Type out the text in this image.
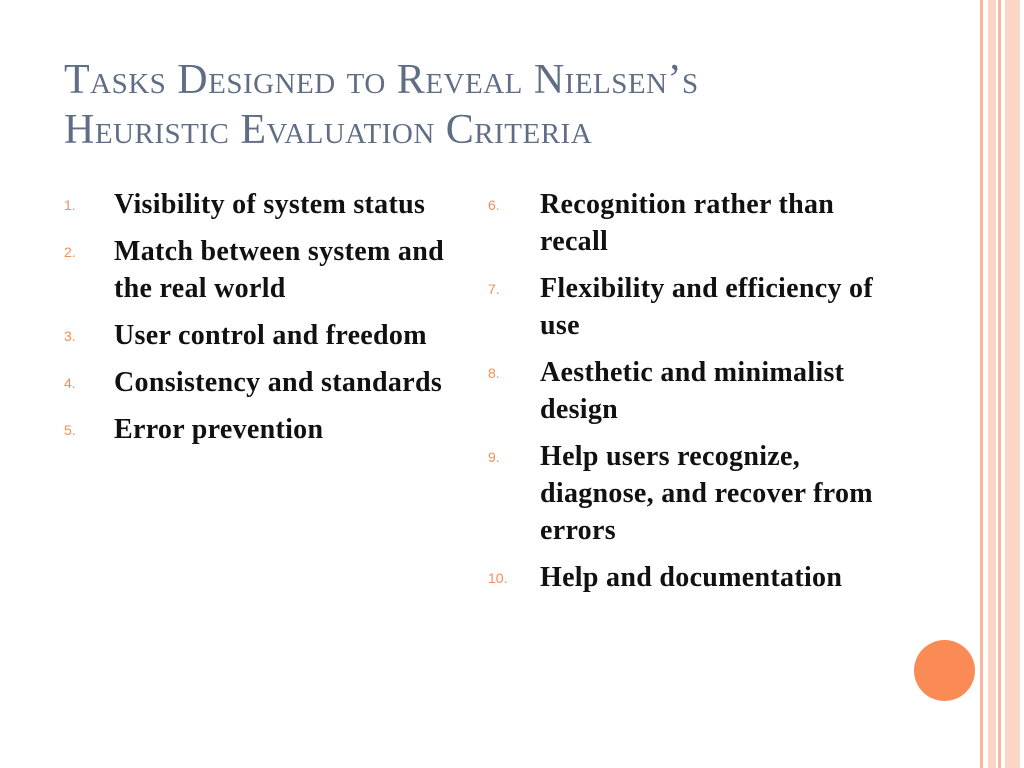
Tasks Designed to Reveal Nielsen’s
Heuristic Evaluation Criteria
1. Visibility of system status
2. Match between system and the real world
3. User control and freedom
4. Consistency and standards
5. Error prevention
6. Recognition rather than recall
7. Flexibility and efficiency of use
8. Aesthetic and minimalist design
9. Help users recognize, diagnose, and recover from errors
10. Help and documentation
